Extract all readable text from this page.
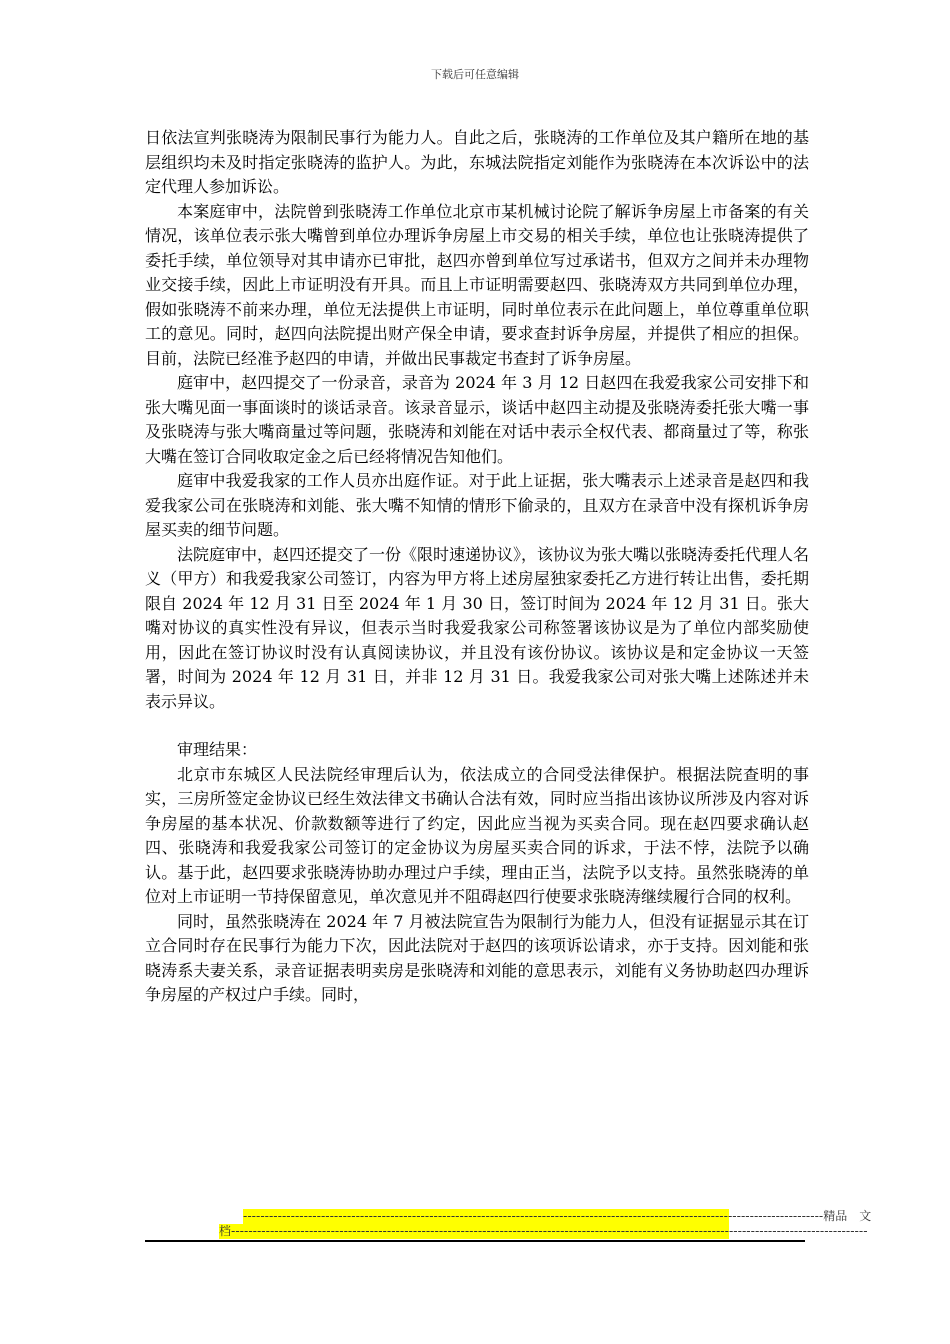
下载后可任意编辑

日依法宣判张晓涛为限制民事行为能力人。自此之后，张晓涛的工作单位及其户籍所在地的基层组织均未及时指定张晓涛的监护人。为此，东城法院指定刘能作为张晓涛在本次诉讼中的法定代理人参加诉讼。

本案庭审中，法院曾到张晓涛工作单位北京市某机械讨论院了解诉争房屋上市备案的有关情况，该单位表示张大嘴曾到单位办理诉争房屋上市交易的相关手续，单位也让张晓涛提供了委托手续，单位领导对其申请亦已审批，赵四亦曾到单位写过承诺书，但双方之间并未办理物业交接手续，因此上市证明没有开具。而且上市证明需要赵四、张晓涛双方共同到单位办理，假如张晓涛不前来办理，单位无法提供上市证明，同时单位表示在此问题上，单位尊重单位职工的意见。同时，赵四向法院提出财产保全申请，要求查封诉争房屋，并提供了相应的担保。目前，法院已经准予赵四的申请，并做出民事裁定书查封了诉争房屋。

庭审中，赵四提交了一份录音，录音为 2024 年 3 月 12 日赵四在我爱我家公司安排下和张大嘴见面一事面谈时的谈话录音。该录音显示，谈话中赵四主动提及张晓涛委托张大嘴一事及张晓涛与张大嘴商量过等问题，张晓涛和刘能在对话中表示全权代表、都商量过了等，称张大嘴在签订合同收取定金之后已经将情况告知他们。

庭审中我爱我家的工作人员亦出庭作证。对于此上证据，张大嘴表示上述录音是赵四和我爱我家公司在张晓涛和刘能、张大嘴不知情的情形下偷录的，且双方在录音中没有探机诉争房屋买卖的细节问题。

法院庭审中，赵四还提交了一份《限时速递协议》，该协议为张大嘴以张晓涛委托代理人名义（甲方）和我爱我家公司签订，内容为甲方将上述房屋独家委托乙方进行转让出售，委托期限自 2024 年 12 月 31 日至 2024 年 1 月 30 日，签订时间为 2024 年 12 月 31 日。张大嘴对协议的真实性没有异议，但表示当时我爱我家公司称签署该协议是为了单位内部奖励使用，因此在签订协议时没有认真阅读协议，并且没有该份协议。该协议是和定金协议一天签署，时间为 2024 年 12 月 31 日，并非 12 月 31 日。我爱我家公司对张大嘴上述陈述并未表示异议。

审理结果：

北京市东城区人民法院经审理后认为，依法成立的合同受法律保护。根据法院查明的事实，三房所签定金协议已经生效法律文书确认合法有效，同时应当指出该协议所涉及内容对诉争房屋的基本状况、价款数额等进行了约定，因此应当视为买卖合同。现在赵四要求确认赵四、张晓涛和我爱我家公司签订的定金协议为房屋买卖合同的诉求，于法不悖，法院予以确认。基于此，赵四要求张晓涛协助办理过户手续，理由正当，法院予以支持。虽然张晓涛的单位对上市证明一节持保留意见，单次意见并不阻碍赵四行使要求张晓涛继续履行合同的权利。

同时，虽然张晓涛在 2024 年 7 月被法院宣告为限制行为能力人，但没有证据显示其在订立合同时存在民事行为能力下次，因此法院对于赵四的该项诉讼请求，亦于支持。因刘能和张晓涛系夫妻关系，录音证据表明卖房是张晓涛和刘能的意思表示，刘能有义务协助赵四办理诉争房屋的产权过户手续。同时，

--------------------------------------------------------------------------------------------------------------------------------------精品　文
档---------------------------------------------------------------------------------------------------------------------------------------------------
